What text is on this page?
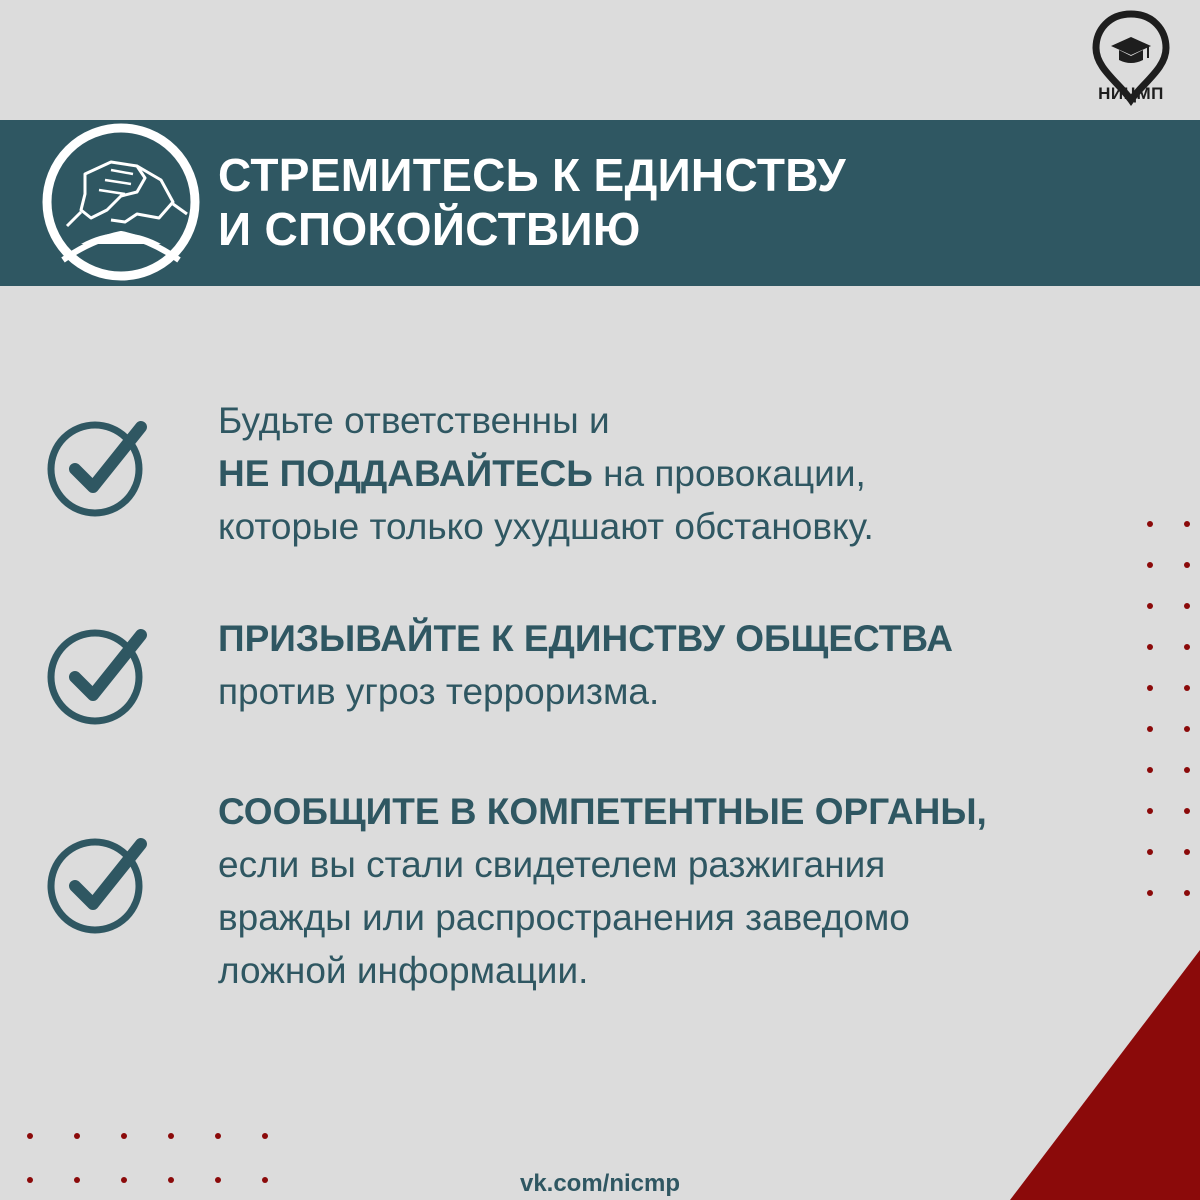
НИЦМП
СТРЕМИТЕСЬ К ЕДИНСТВУ
И СПОКОЙСТВИЮ
Будьте ответственны и
НЕ ПОДДАВАЙТЕСЬ на провокации,
которые только ухудшают обстановку.
ПРИЗЫВАЙТЕ К ЕДИНСТВУ ОБЩЕСТВА
против угроз терроризма.
СООБЩИТЕ В КОМПЕТЕНТНЫЕ ОРГАНЫ,
если вы стали свидетелем разжигания
вражды или распространения заведомо
ложной информации.
vk.com/nicmp
